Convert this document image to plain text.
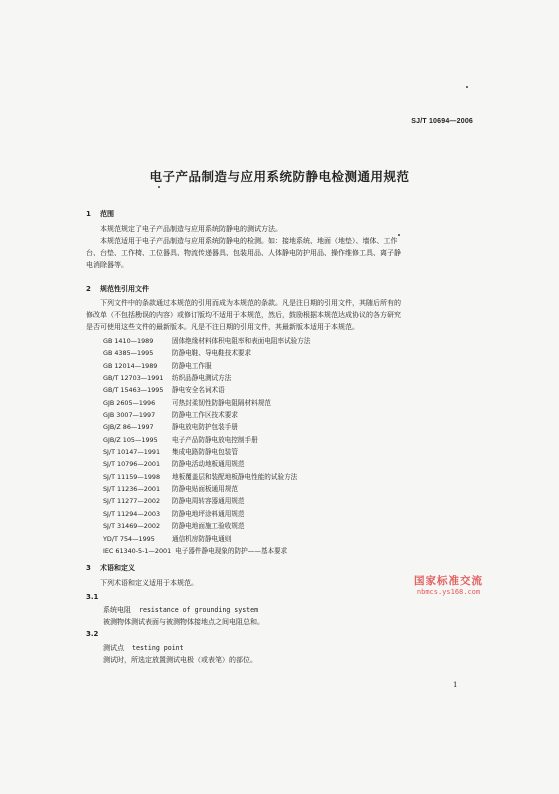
SJ/T 10694—2006
电子产品制造与应用系统防静电检测通用规范
1 范围
本规范规定了电子产品制造与应用系统防静电的测试方法。
本规范适用于电子产品制造与应用系统防静电的检测。如：接地系统、地面（地垫）、墙体、工作
台、台垫、工作椅、工位器具、物流传递器具、包装用品、人体静电防护用品、操作维修工具、离子静
电消除器等。
2 规范性引用文件
下列文件中的条款通过本规范的引用而成为本规范的条款。凡是注日期的引用文件，其随后所有的
修改单（不包括勘误的内容）或修订版均不适用于本规范，然后，鼓励根据本规范达成协议的各方研究
是否可使用这些文件的最新版本。凡是不注日期的引用文件，其最新版本适用于本规范。
GB 1410—1989	固体绝缘材料体积电阻率和表面电阻率试验方法
GB 4385—1995	防静电鞋、导电鞋技术要求
GB 12014—1989 防静电工作服
GB/T 12703—1991 纺织品静电测试方法
GB/T 15463—1995 静电安全名词术语
GJB 2605—1996	可热封柔韧性防静电阻隔材料规范
GJB 3007—1997	防静电工作区技术要求
GJB/Z 86—1997	静电放电防护包装手册
GJB/Z 105—1995 电子产品防静电放电控制手册
SJ/T 10147—1991 集成电路防静电包装管
SJ/T 10796—2001 防静电活动地板通用规范
SJ/T 11159—1998 地板覆盖层和装配地板静电性能的试验方法
SJ/T 11236—2001 防静电贴面板通用规范
SJ/T 11277—2002 防静电周转容器通用规范
SJ/T 11294—2003 防静电地坪涂料通用规范
SJ/T 31469—2002 防静电地面施工验收规范
YD/T 754—1995	通信机房防静电通则
IEC 61340-5-1—2001 电子器件静电现象的防护——基本要求
3 术语和定义
下列术语和定义适用于本规范。
3.1
系统电阻 resistance of grounding system
被测物体测试表面与被测物体接地点之间电阻总和。
3.2
测试点 testing point
测试时，所选定放置测试电极（或表笔）的部位。
国家标准交流
nbmcs.ys168.com
1
